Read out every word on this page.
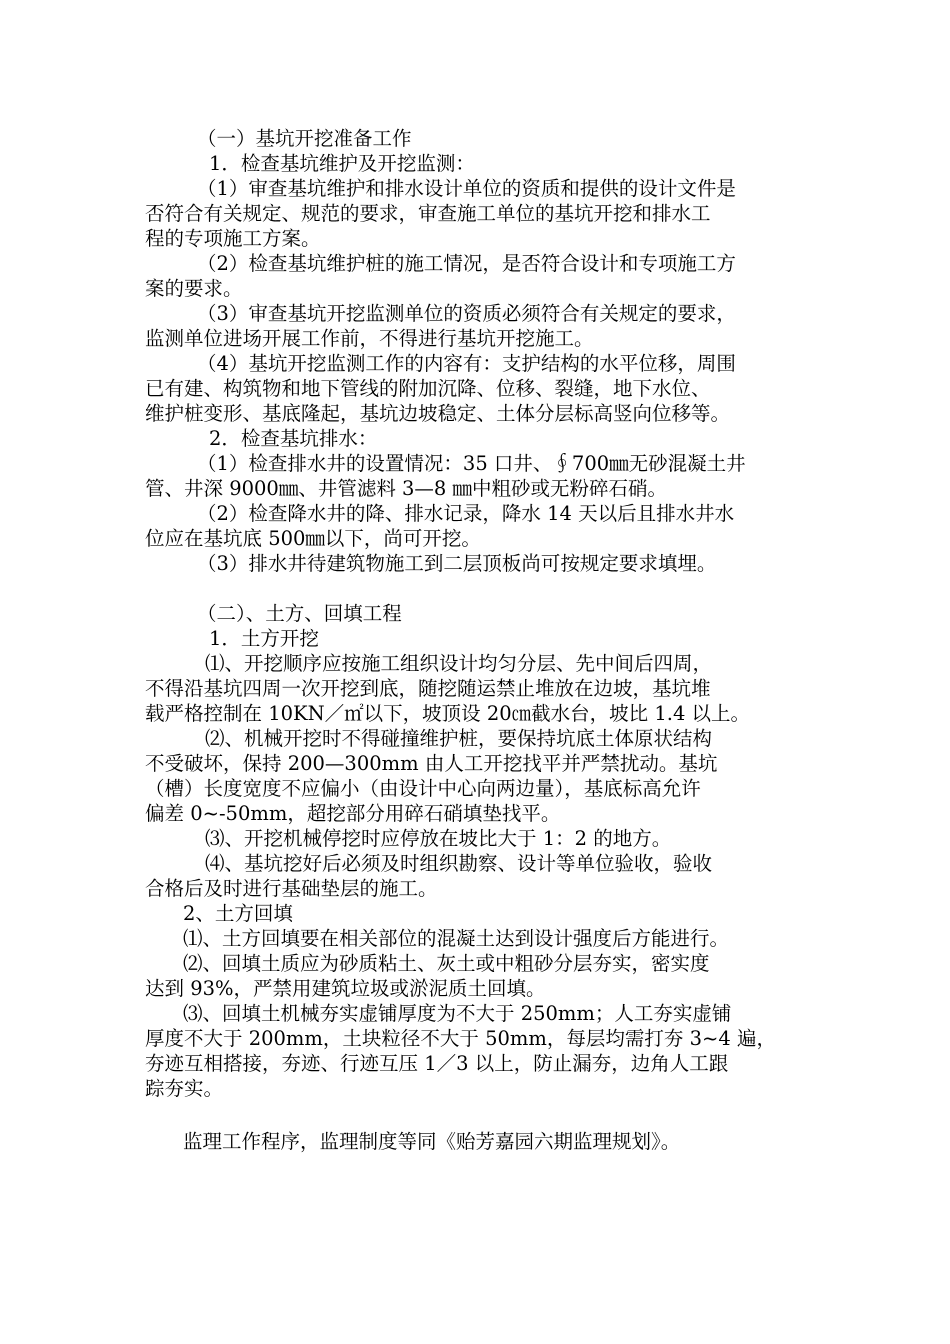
（一）基坑开挖准备工作

1．检查基坑维护及开挖监测：

（1）审查基坑维护和排水设计单位的资质和提供的设计文件是

否符合有关规定、规范的要求，审查施工单位的基坑开挖和排水工

程的专项施工方案。

（2）检查基坑维护桩的施工情况，是否符合设计和专项施工方

案的要求。

（3）审查基坑开挖监测单位的资质必须符合有关规定的要求，

监测单位进场开展工作前，不得进行基坑开挖施工。

（4）基坑开挖监测工作的内容有：支护结构的水平位移，周围

已有建、构筑物和地下管线的附加沉降、位移、裂缝，地下水位、

维护桩变形、基底隆起，基坑边坡稳定、土体分层标高竖向位移等。

2．检查基坑排水：

（1）检查排水井的设置情况：35 口井、∮700㎜无砂混凝土井

管、井深 9000㎜、井管滤料 3—8 ㎜中粗砂或无粉碎石硝。

（2）检查降水井的降、排水记录，降水 14 天以后且排水井水

位应在基坑底 500㎜以下，尚可开挖。

（3）排水井待建筑物施工到二层顶板尚可按规定要求填埋。

（二）、土方、回填工程

1．土方开挖

⑴、开挖顺序应按施工组织设计均匀分层、先中间后四周，

不得沿基坑四周一次开挖到底，随挖随运禁止堆放在边坡，基坑堆

载严格控制在 10KN／㎡以下，坡顶设 20㎝截水台，坡比 1.4 以上。

⑵、机械开挖时不得碰撞维护桩，要保持坑底土体原状结构

不受破坏，保持 200—300mm 由人工开挖找平并严禁扰动。基坑

（槽）长度宽度不应偏小（由设计中心向两边量），基底标高允许

偏差 0~-50mm，超挖部分用碎石硝填垫找平。

⑶、开挖机械停挖时应停放在坡比大于 1：2 的地方。

⑷、基坑挖好后必须及时组织勘察、设计等单位验收，验收

合格后及时进行基础垫层的施工。

2、土方回填

⑴、土方回填要在相关部位的混凝土达到设计强度后方能进行。

⑵、回填土质应为砂质粘土、灰土或中粗砂分层夯实，密实度

达到 93%，严禁用建筑垃圾或淤泥质土回填。

⑶、回填土机械夯实虚铺厚度为不大于 250mm；人工夯实虚铺

厚度不大于 200mm，土块粒径不大于 50mm，每层均需打夯 3~4 遍，

夯迹互相搭接，夯迹、行迹互压 1／3 以上，防止漏夯，边角人工跟

踪夯实。

监理工作程序，监理制度等同《贻芳嘉园六期监理规划》。
